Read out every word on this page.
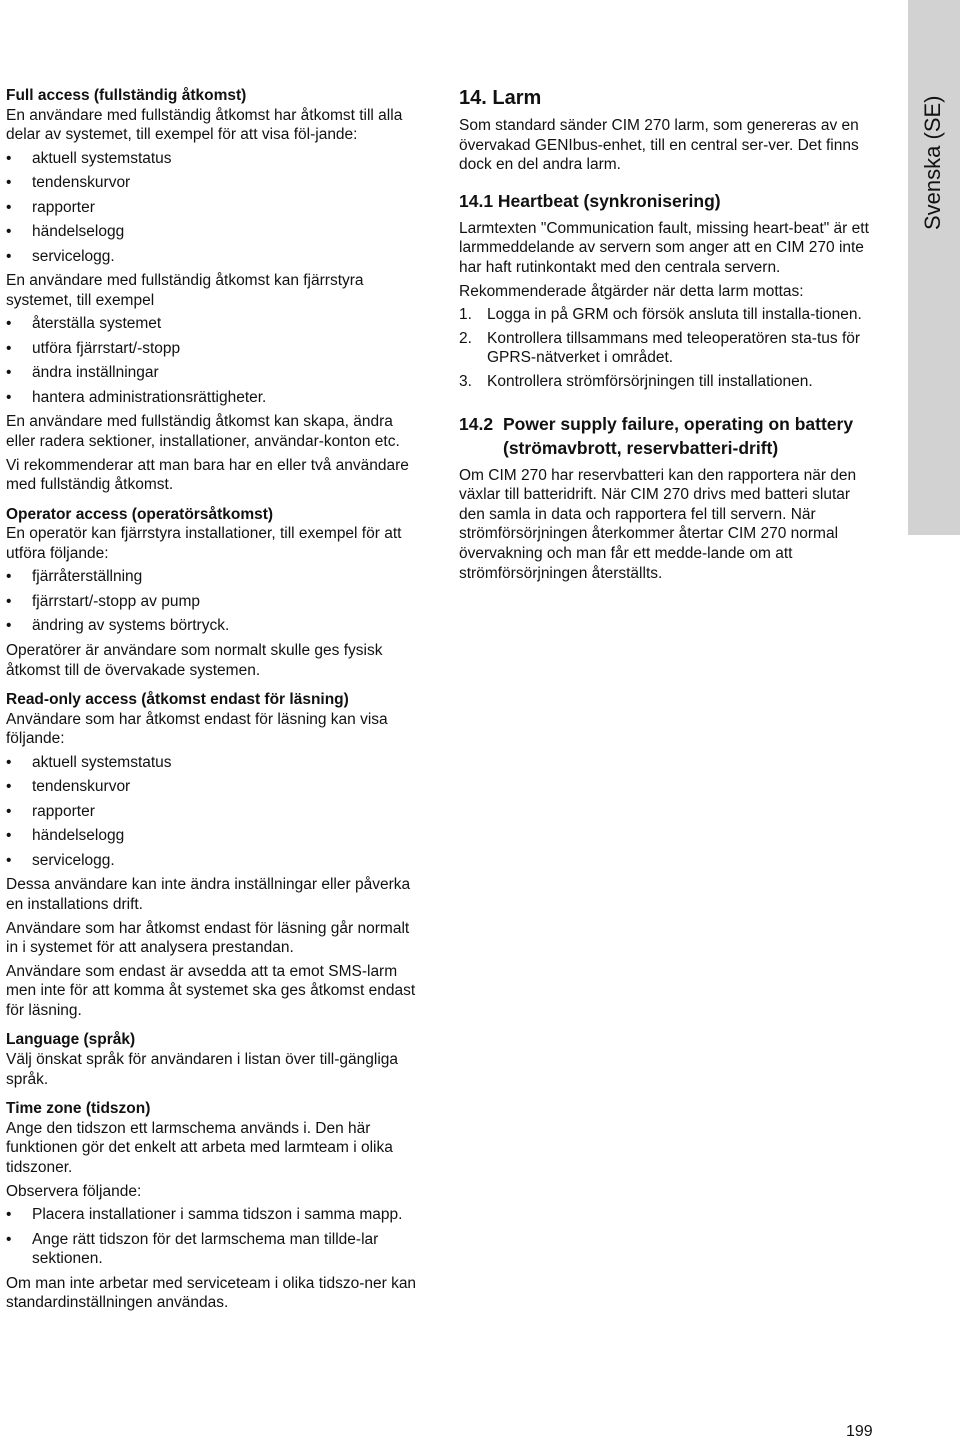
Svenska (SE)

Full access (fullständig åtkomst)

En användare med fullständig åtkomst har åtkomst till alla delar av systemet, till exempel för att visa föl-jande:

• aktuell systemstatus
• tendenskurvor
• rapporter
• händelselogg
• servicelogg.

En användare med fullständig åtkomst kan fjärrstyra systemet, till exempel

• återställa systemet
• utföra fjärrstart/-stopp
• ändra inställningar
• hantera administrationsrättigheter.

En användare med fullständig åtkomst kan skapa, ändra eller radera sektioner, installationer, användar-konton etc.

Vi rekommenderar att man bara har en eller två användare med fullständig åtkomst.

Operator access (operatörsåtkomst)

En operatör kan fjärrstyra installationer, till exempel för att utföra följande:

• fjärråterställning
• fjärrstart/-stopp av pump
• ändring av systems börtryck.

Operatörer är användare som normalt skulle ges fysisk åtkomst till de övervakade systemen.

Read-only access (åtkomst endast för läsning)

Användare som har åtkomst endast för läsning kan visa följande:

• aktuell systemstatus
• tendenskurvor
• rapporter
• händelselogg
• servicelogg.

Dessa användare kan inte ändra inställningar eller påverka en installations drift.

Användare som har åtkomst endast för läsning går normalt in i systemet för att analysera prestandan.

Användare som endast är avsedda att ta emot SMS-larm men inte för att komma åt systemet ska ges åtkomst endast för läsning.

Language (språk)

Välj önskat språk för användaren i listan över till-gängliga språk.

Time zone (tidszon)

Ange den tidszon ett larmschema används i. Den här funktionen gör det enkelt att arbeta med larmteam i olika tidszoner.

Observera följande:

• Placera installationer i samma tidszon i samma mapp.
• Ange rätt tidszon för det larmschema man tillde-lar sektionen.

Om man inte arbetar med serviceteam i olika tidszo-ner kan standardinställningen användas.

14. Larm

Som standard sänder CIM 270 larm, som genereras av en övervakad GENIbus-enhet, till en central ser-ver. Det finns dock en del andra larm.

14.1 Heartbeat (synkronisering)

Larmtexten "Communication fault, missing heart-beat" är ett larmmeddelande av servern som anger att en CIM 270 inte har haft rutinkontakt med den centrala servern.

Rekommenderade åtgärder när detta larm mottas:

1. Logga in på GRM och försök ansluta till installa-tionen.
2. Kontrollera tillsammans med teleoperatören sta-tus för GPRS-nätverket i området.
3. Kontrollera strömförsörjningen till installationen.
14.2 Power supply failure, operating on battery (strömavbrott, reservbatteri-drift)

Om CIM 270 har reservbatteri kan den rapportera när den växlar till batteridrift. När CIM 270 drivs med batteri slutar den samla in data och rapportera fel till servern. När strömförsörjningen återkommer återtar CIM 270 normal övervakning och man får ett medde-lande om att strömförsörjningen återställts.

199
